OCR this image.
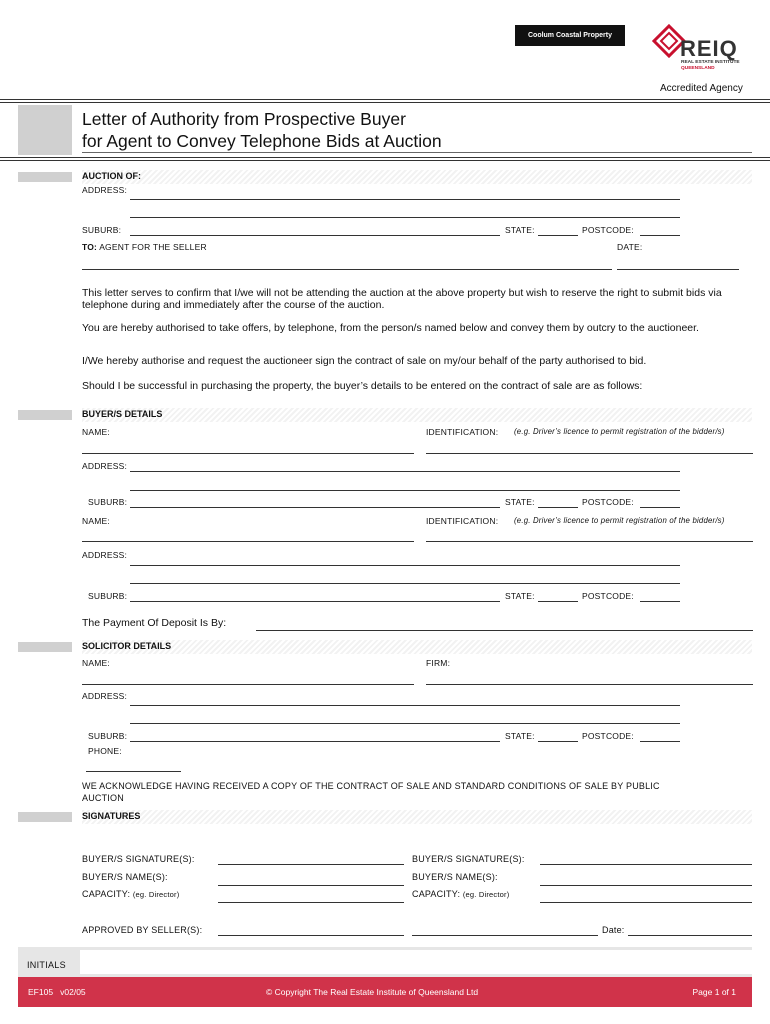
Coolum Coastal Property
REIQ
REAL ESTATE INSTITUTE
QUEENSLAND
Accredited Agency
Letter of Authority from Prospective Buyer
for Agent to Convey Telephone Bids at Auction
AUCTION OF:
ADDRESS:
SUBURB:	STATE:	POSTCODE:
TO: AGENT FOR THE SELLER	DATE:
This letter serves to confirm that I/we will not be attending the auction at the above property but wish to reserve the right to submit bids via telephone during and immediately after the course of the auction.
You are hereby authorised to take offers, by telephone, from the person/s named below and convey them by outcry to the auctioneer.
I/We hereby authorise and request the auctioneer sign the contract of sale on my/our behalf of the party authorised to bid.
Should I be successful in purchasing the property, the buyer’s details to be entered on the contract of sale are as follows:
BUYER/S DETAILS
NAME:	IDENTIFICATION: (e.g. Driver’s licence to permit registration of the bidder/s)
ADDRESS:
SUBURB:	STATE:	POSTCODE:
NAME:	IDENTIFICATION: (e.g. Driver’s licence to permit registration of the bidder/s)
ADDRESS:
SUBURB:	STATE:	POSTCODE:
The Payment Of Deposit Is By:
SOLICITOR DETAILS
NAME:	FIRM:
ADDRESS:
SUBURB:	STATE:	POSTCODE:
PHONE:
WE ACKNOWLEDGE HAVING RECEIVED A COPY OF THE CONTRACT OF SALE AND STANDARD CONDITIONS OF SALE BY PUBLIC AUCTION
SIGNATURES
BUYER/S SIGNATURE(S):	BUYER/S SIGNATURE(S):
BUYER/S NAME(S):	BUYER/S NAME(S):
CAPACITY: (eg. Director)	CAPACITY: (eg. Director)
APPROVED BY SELLER(S):	Date:
INITIALS
EF105   v02/05	© Copyright The Real Estate Institute of Queensland Ltd	Page 1 of 1
